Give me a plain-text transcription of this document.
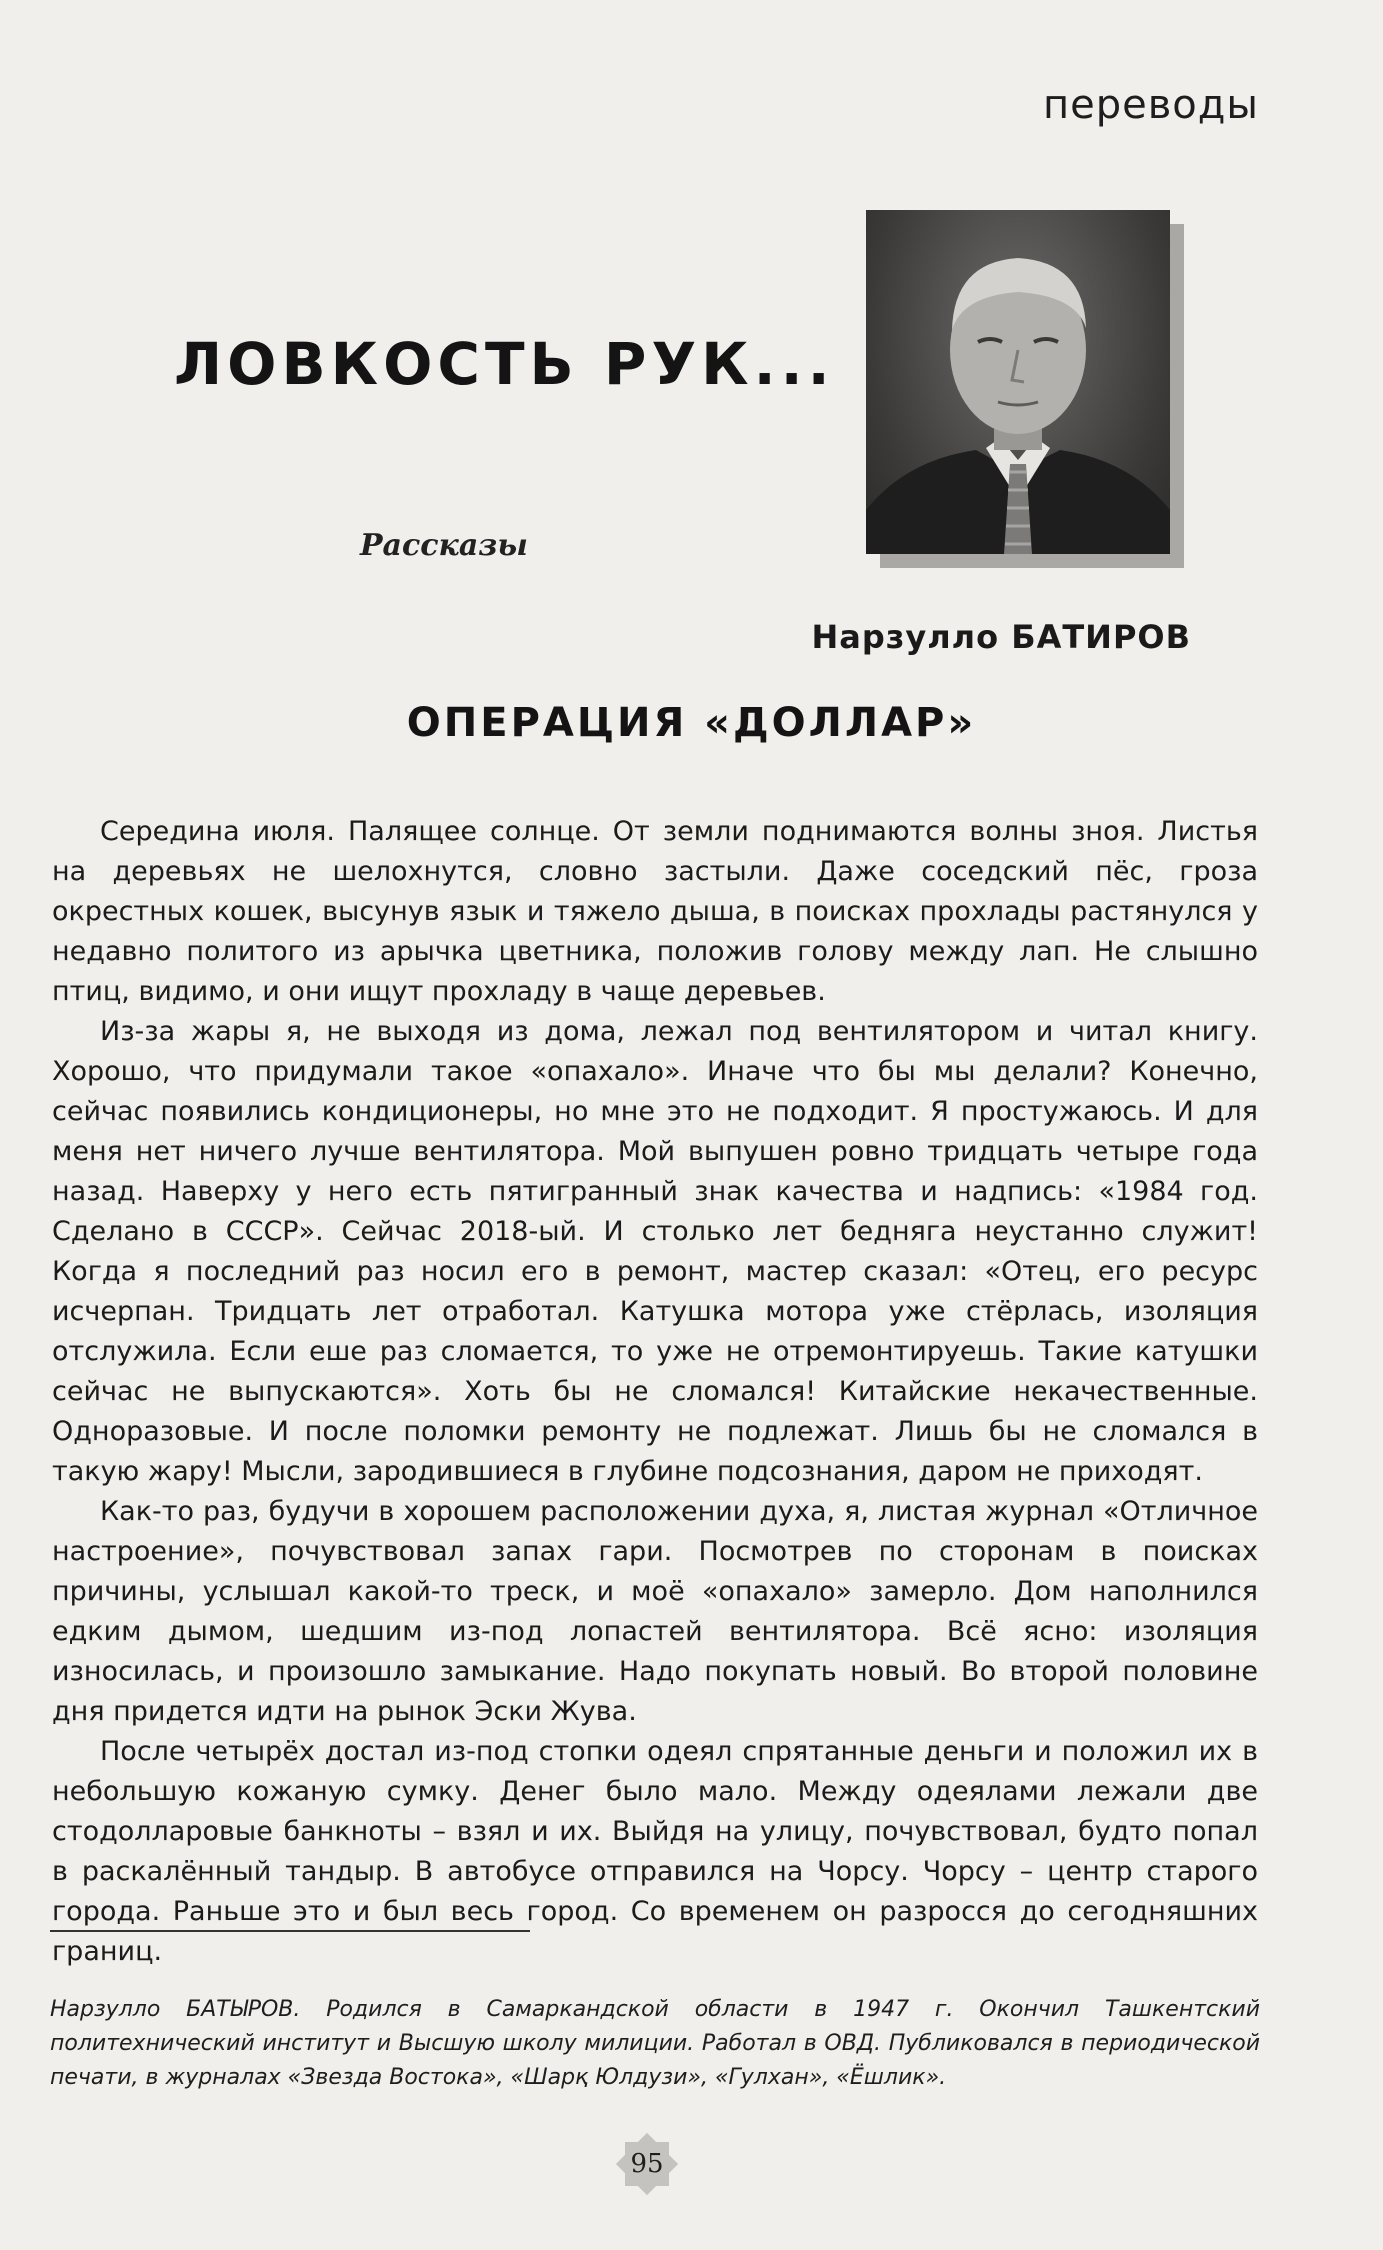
переводы
ЛОВКОСТЬ РУК...
Рассказы
Нарзулло БАТИРОВ
ОПЕРАЦИЯ «ДОЛЛАР»

Середина июля. Палящее солнце. От земли поднимаются волны зноя. Листья на деревьях не шелохнутся, словно застыли. Даже соседский пёс, гроза окрестных кошек, высунув язык и тяжело дыша, в поисках прохлады растянулся у недавно политого из арычка цветника, положив голову между лап. Не слышно птиц, видимо, и они ищут прохладу в чаще деревьев.

Из-за жары я, не выходя из дома, лежал под вентилятором и читал книгу. Хорошо, что придумали такое «опахало». Иначе что бы мы делали? Конечно, сейчас появились кондиционеры, но мне это не подходит. Я простужаюсь. И для меня нет ничего лучше вентилятора. Мой выпушен ровно тридцать четыре года назад. Наверху у него есть пятигранный знак качества и надпись: «1984 год. Сделано в СССР». Сейчас 2018-ый. И столько лет бедняга неустанно служит! Когда я последний раз носил его в ремонт, мастер сказал: «Отец, его ресурс исчерпан. Тридцать лет отработал. Катушка мотора уже стёрлась, изоляция отслужила. Если еше раз сломается, то уже не отремонтируешь. Такие катушки сейчас не выпускаются». Хоть бы не сломался! Китайские некачественные. Одноразовые. И после поломки ремонту не подлежат. Лишь бы не сломался в такую жару! Мысли, зародившиеся в глубине подсознания, даром не приходят.

Как-то раз, будучи в хорошем расположении духа, я, листая журнал «Отличное настроение», почувствовал запах гари. Посмотрев по сторонам в поисках причины, услышал какой-то треск, и моё «опахало» замерло. Дом наполнился едким дымом, шедшим из-под лопастей вентилятора. Всё ясно: изоляция износилась, и произошло замыкание. Надо покупать новый. Во второй половине дня придется идти на рынок Эски Жува.

После четырёх достал из-под стопки одеял спрятанные деньги и положил их в небольшую кожаную сумку. Денег было мало. Между одеялами лежали две стодолларовые банкноты – взял и их. Выйдя на улицу, почувствовал, будто попал в раскалённый тандыр. В автобусе отправился на Чорсу. Чорсу – центр старого города. Раньше это и был весь город. Со временем он разросся до сегодняшних границ.

Нарзулло БАТЫРОВ. Родился в Самаркандской области в 1947 г. Окончил Ташкентский политехнический институт и Высшую школу милиции. Работал в ОВД. Публиковался в периодической печати, в журналах «Звезда Востока», «Шарқ Юлдузи», «Гулхан», «Ёшлик».
95
